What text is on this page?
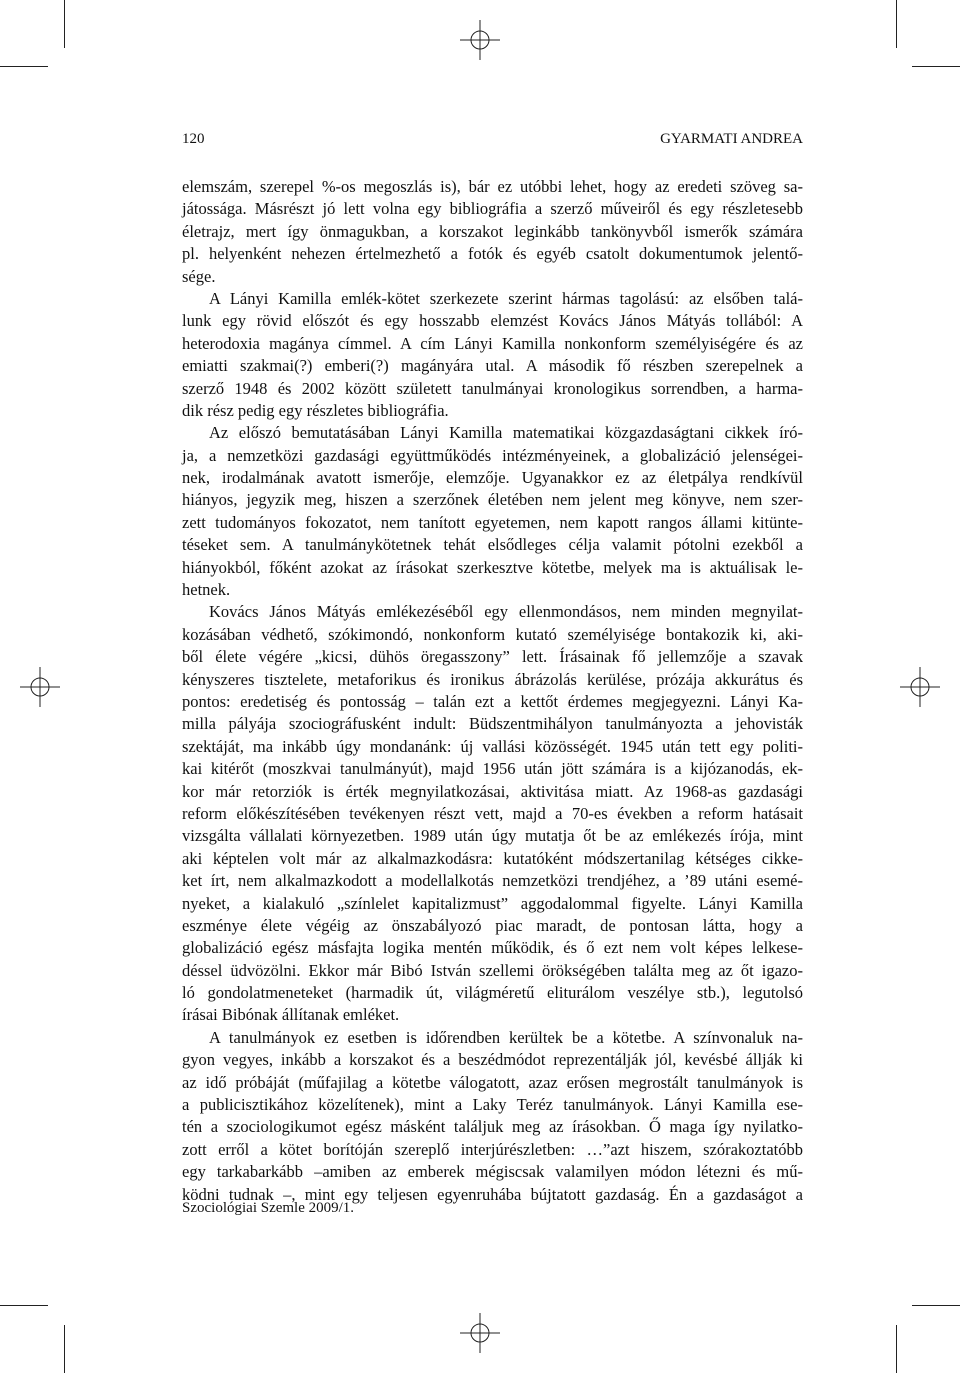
120	GYARMATI ANDREA
elemszám, szerepel %-os megoszlás is), bár ez utóbbi lehet, hogy az eredeti szöveg sa-
játossága. Másrészt jó lett volna egy bibliográfia a szerző műveiről és egy részletesebb
életrajz, mert így önmagukban, a korszakot leginkább tankönyvből ismerők számára
pl. helyenként nehezen értelmezhető a fotók és egyéb csatolt dokumentumok jelentő-
sége.
A Lányi Kamilla emlék-kötet szerkezete szerint hármas tagolású: az elsőben talá-
lunk egy rövid előszót és egy hosszabb elemzést Kovács János Mátyás tollából: A
heterodoxia magánya címmel. A cím Lányi Kamilla nonkonform személyiségére és az
emiatti szakmai(?) emberi(?) magányára utal. A második fő részben szerepelnek a
szerző 1948 és 2002 között született tanulmányai kronologikus sorrendben, a harma-
dik rész pedig egy részletes bibliográfia.
Az előszó bemutatásában Lányi Kamilla matematikai közgazdaságtani cikkek író-
ja, a nemzetközi gazdasági együttműködés intézményeinek, a globalizáció jelenségei-
nek, irodalmának avatott ismerője, elemzője. Ugyanakkor ez az életpálya rendkívül
hiányos, jegyzik meg, hiszen a szerzőnek életében nem jelent meg könyve, nem szer-
zett tudományos fokozatot, nem tanított egyetemen, nem kapott rangos állami kitünte-
téseket sem. A tanulmánykötetnek tehát elsődleges célja valamit pótolni ezekből a
hiányokból, főként azokat az írásokat szerkesztve kötetbe, melyek ma is aktuálisak le-
hetnek.
Kovács János Mátyás emlékezéséből egy ellenmondásos, nem minden megnyilat-
kozásában védhető, szókimondó, nonkonform kutató személyisége bontakozik ki, aki-
ből élete végére „kicsi, dühös öregasszony” lett. Írásainak fő jellemzője a szavak
kényszeres tisztelete, metaforikus és ironikus ábrázolás kerülése, prózája akkurátus és
pontos: eredetiség és pontosság – talán ezt a kettőt érdemes megjegyezni. Lányi Ka-
milla pályája szociográfusként indult: Büdszentmihályon tanulmányozta a jehovisták
szektáját, ma inkább úgy mondanánk: új vallási közösségét. 1945 után tett egy politi-
kai kitérőt (moszkvai tanulmányút), majd 1956 után jött számára is a kijózanodás, ek-
kor már retorziók is érték megnyilatkozásai, aktivitása miatt. Az 1968-as gazdasági
reform előkészítésében tevékenyen részt vett, majd a 70-es években a reform hatásait
vizsgálta vállalati környezetben. 1989 után úgy mutatja őt be az emlékezés írója, mint
aki képtelen volt már az alkalmazkodásra: kutatóként módszertanilag kétséges cikke-
ket írt, nem alkalmazkodott a modellalkotás nemzetközi trendjéhez, a ’89 utáni esemé-
nyeket, a kialakuló „színlelet kapitalizmust” aggodalommal figyelte. Lányi Kamilla
eszménye élete végéig az önszabályozó piac maradt, de pontosan látta, hogy a
globalizáció egész másfajta logika mentén működik, és ő ezt nem volt képes lelkese-
déssel üdvözölni. Ekkor már Bibó István szellemi örökségében találta meg az őt igazo-
ló gondolatmeneteket (harmadik út, világméretű eliturálom veszélye stb.), legutolsó
írásai Bibónak állítanak emléket.
A tanulmányok ez esetben is időrendben kerültek be a kötetbe. A színvonaluk na-
gyon vegyes, inkább a korszakot és a beszédmódot reprezentálják jól, kevésbé állják ki
az idő próbáját (műfajilag a kötetbe válogatott, azaz erősen megrostált tanulmányok is
a publicisztikához közelítenek), mint a Laky Teréz tanulmányok. Lányi Kamilla ese-
tén a szociologikumot egész másként találjuk meg az írásokban. Ő maga így nyilatko-
zott erről a kötet borítóján szereplő interjúrészletben: …”azt hiszem, szórakoztatóbb
egy tarkabarkább –amiben az emberek mégiscsak valamilyen módon létezni és mű-
ködni tudnak –, mint egy teljesen egyenruhába bújtatott gazdaság. Én a gazdaságot a
Szociológiai Szemle 2009/1.
